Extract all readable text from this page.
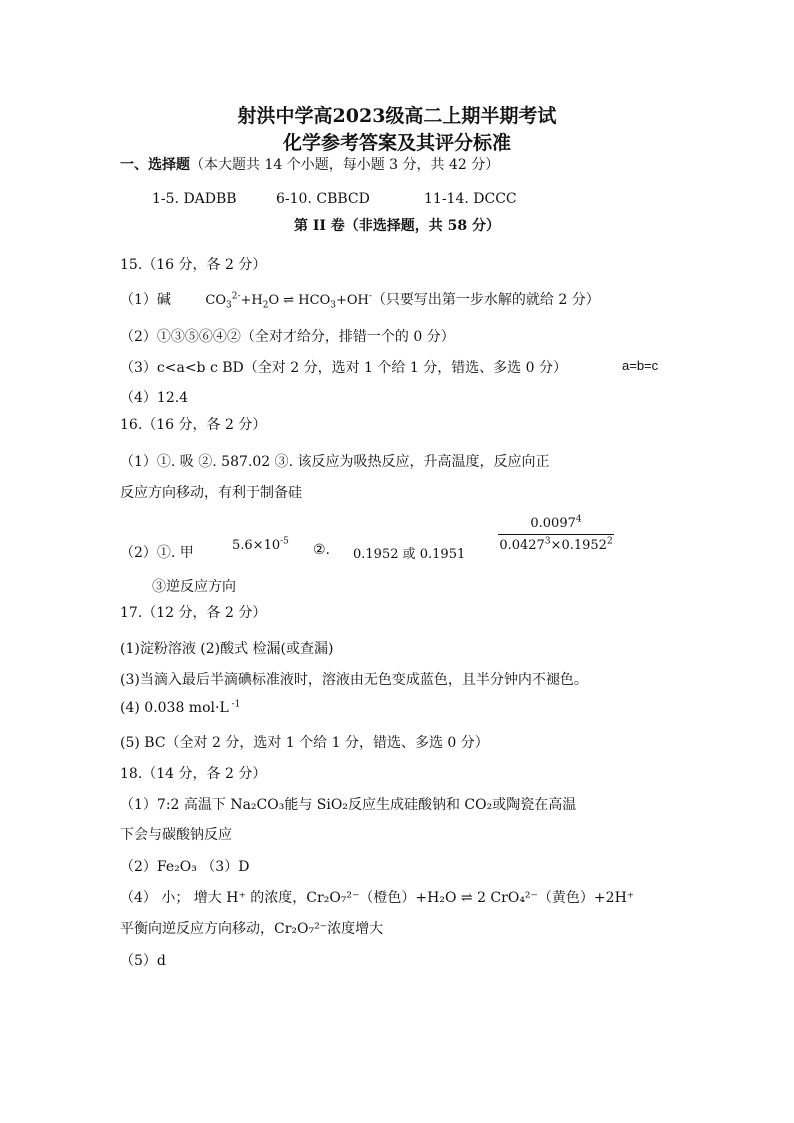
射洪中学高2023级高二上期半期考试
化学参考答案及其评分标准
一、选择题（本大题共 14 个小题，每小题 3 分，共 42 分）
1-5. DADBB	6-10. CBBCD	11-14. DCCC
第 II 卷（非选择题，共 58 分）
15.（16 分，各 2 分）
（1）碱	$CO_3^{2-}+H_2O$ ⇌ $HCO_3+OH^-$（只要写出第一步水解的就给 2 分）
（2）①③⑤⑥④②（全对才给分，排错一个的 0 分）
（3）c<a<b c BD（全对 2 分，选对 1 个给 1 分，错选、多选 0 分）	a=b=c
（4）12.4
16.（16 分，各 2 分）
（1）①. 吸 ②. 587.02 ③. 该反应为吸热反应，升高温度，反应向正
反应方向移动，有利于制备硅
（2）①. 甲	$5.6\times 10^{-5}$
②. 0.1952 或 0.1951
0.0097$^4$
$0.0427^3\times 0.1952^2$
③逆反应方向
17.（12 分，各 2 分）
(1)淀粉溶液 (2)酸式 检漏(或查漏)
(3)当滴入最后半滴碘标准液时，溶液由无色变成蓝色，且半分钟内不褪色。
(4) 0.038 mol·L $^{-1}$
(5) BC（全对 2 分，选对 1 个给 1 分，错选、多选 0 分）
18.（14 分，各 2 分）
（1）7:2 高温下 Na₂CO₃能与 SiO₂反应生成硅酸钠和 CO₂或陶瓷在高温
下会与碳酸钠反应
（2）Fe₂O₃ （3）D
（4） 小； 增大 H⁺ 的浓度，Cr₂O₇²⁻（橙色）+H₂O ⇌ 2 CrO₄²⁻（黄色）+2H⁺
平衡向逆反应方向移动，Cr₂O₇²⁻浓度增大
（5）d
